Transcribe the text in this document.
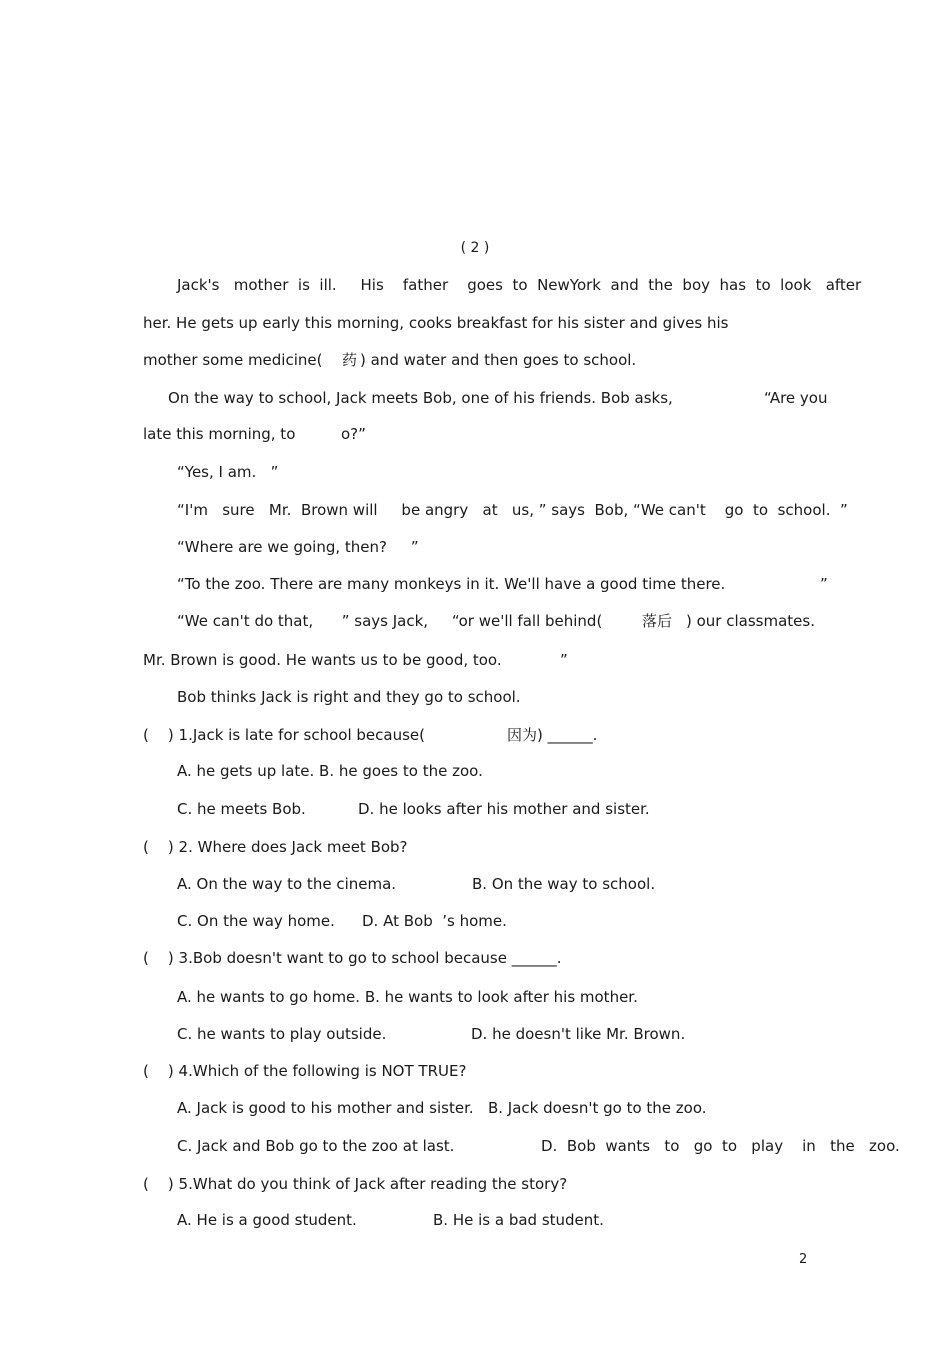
( 2 )
Jack's   mother  is  ill.     His    father    goes  to  NewYork  and  the  boy  has  to  look   after
her. He gets up early this morning, cooks breakfast for his sister and gives his
mother some medicine( 药 ) and water and then goes to school.
On the way to school, Jack meets Bob, one of his friends. Bob asks,	“Are you
late this morning, to	o?”
“Yes, I am.   ”
“I'm   sure   Mr.  Brown will     be angry   at   us, ” says  Bob, “We can't    go  to  school.  ”
“Where are we going, then?     ”
“To the zoo. There are many monkeys in it. We'll have a good time there.	”
“We can't do that,      ” says Jack,     “or we'll fall behind(	落后 ) our classmates.
Mr. Brown is good. He wants us to be good, too.	”
Bob thinks Jack is right and they go to school.
(    ) 1.Jack is late for school because(	因为) ______.
A. he gets up late. B. he goes to the zoo.
C. he meets Bob.	D. he looks after his mother and sister.
(    ) 2. Where does Jack meet Bob?
A. On the way to the cinema.	B. On the way to school.
C. On the way home. D. At Bob  ’s home.
(    ) 3.Bob doesn't want to go to school because ______.
A. he wants to go home. B. he wants to look after his mother.
C. he wants to play outside.	D. he doesn't like Mr. Brown.
(    ) 4.Which of the following is NOT TRUE?
A. Jack is good to his mother and sister.   B. Jack doesn't go to the zoo.
C. Jack and Bob go to the zoo at last.	D.  Bob  wants   to   go  to   play    in   the   zoo.
(    ) 5.What do you think of Jack after reading the story?
A. He is a good student.	B. He is a bad student.
2
